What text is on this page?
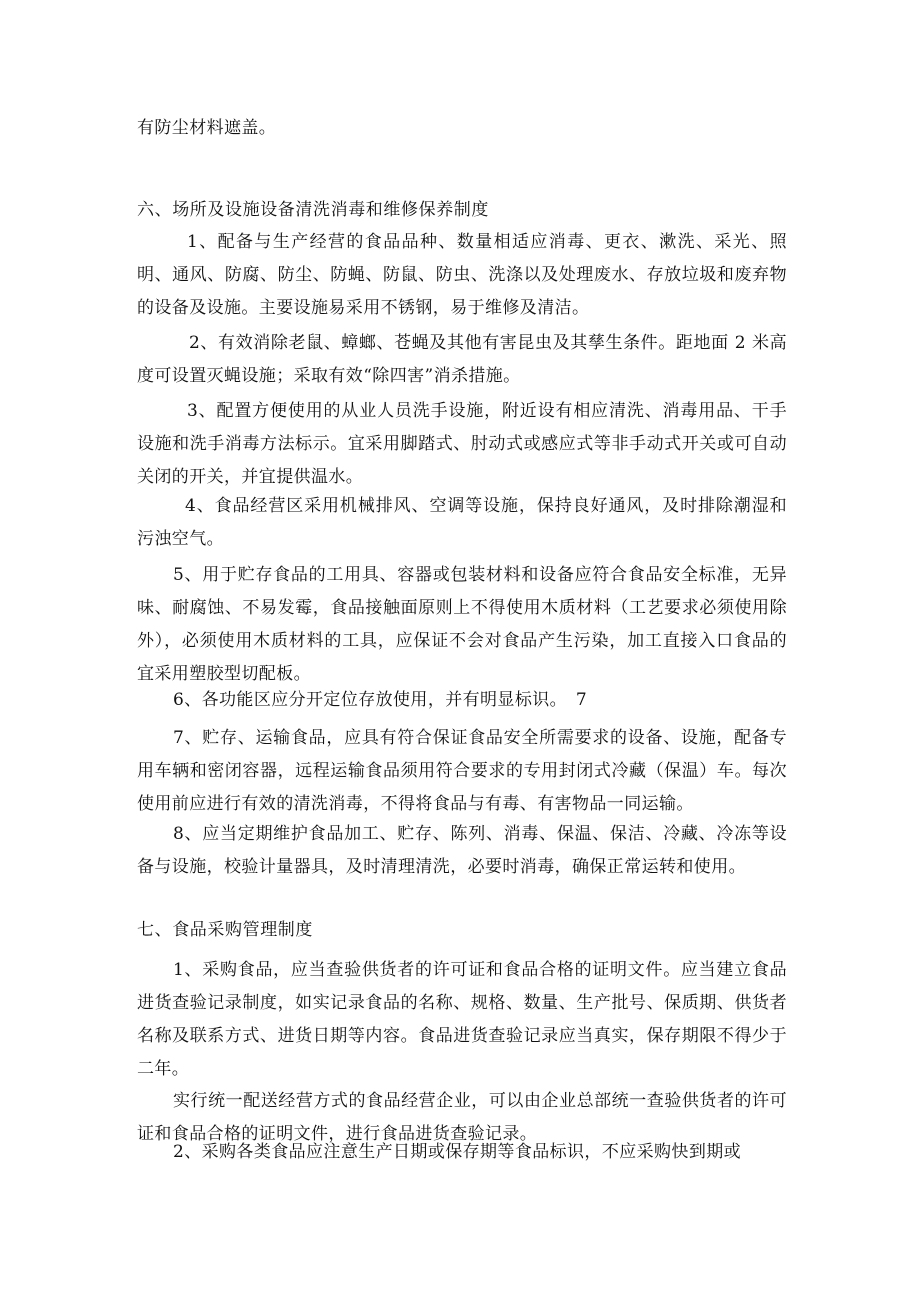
有防尘材料遮盖。

六、场所及设施设备清洗消毒和维修保养制度

1、配备与生产经营的食品品种、数量相适应消毒、更衣、漱洗、采光、照明、通风、防腐、防尘、防蝇、防鼠、防虫、洗涤以及处理废水、存放垃圾和废弃物的设备及设施。主要设施易采用不锈钢，易于维修及清洁。

2、有效消除老鼠、蟑螂、苍蝇及其他有害昆虫及其孳生条件。距地面 2 米高度可设置灭蝇设施；采取有效“除四害”消杀措施。

3、配置方便使用的从业人员洗手设施，附近设有相应清洗、消毒用品、干手设施和洗手消毒方法标示。宜采用脚踏式、肘动式或感应式等非手动式开关或可自动关闭的开关，并宜提供温水。

4、食品经营区采用机械排风、空调等设施，保持良好通风，及时排除潮湿和污浊空气。

5、用于贮存食品的工用具、容器或包装材料和设备应符合食品安全标准，无异味、耐腐蚀、不易发霉，食品接触面原则上不得使用木质材料（工艺要求必须使用除外），必须使用木质材料的工具，应保证不会对食品产生污染，加工直接入口食品的宜采用塑胶型切配板。

6、各功能区应分开定位存放使用，并有明显标识。　7

7、贮存、运输食品，应具有符合保证食品安全所需要求的设备、设施，配备专用车辆和密闭容器，远程运输食品须用符合要求的专用封闭式冷藏（保温）车。每次使用前应进行有效的清洗消毒，不得将食品与有毒、有害物品一同运输。

8、应当定期维护食品加工、贮存、陈列、消毒、保温、保洁、冷藏、冷冻等设备与设施，校验计量器具，及时清理清洗，必要时消毒，确保正常运转和使用。

七、食品采购管理制度

1、采购食品，应当查验供货者的许可证和食品合格的证明文件。应当建立食品进货查验记录制度，如实记录食品的名称、规格、数量、生产批号、保质期、供货者名称及联系方式、进货日期等内容。食品进货查验记录应当真实，保存期限不得少于二年。

实行统一配送经营方式的食品经营企业，可以由企业总部统一查验供货者的许可证和食品合格的证明文件，进行食品进货查验记录。

2、采购各类食品应注意生产日期或保存期等食品标识，不应采购快到期或
